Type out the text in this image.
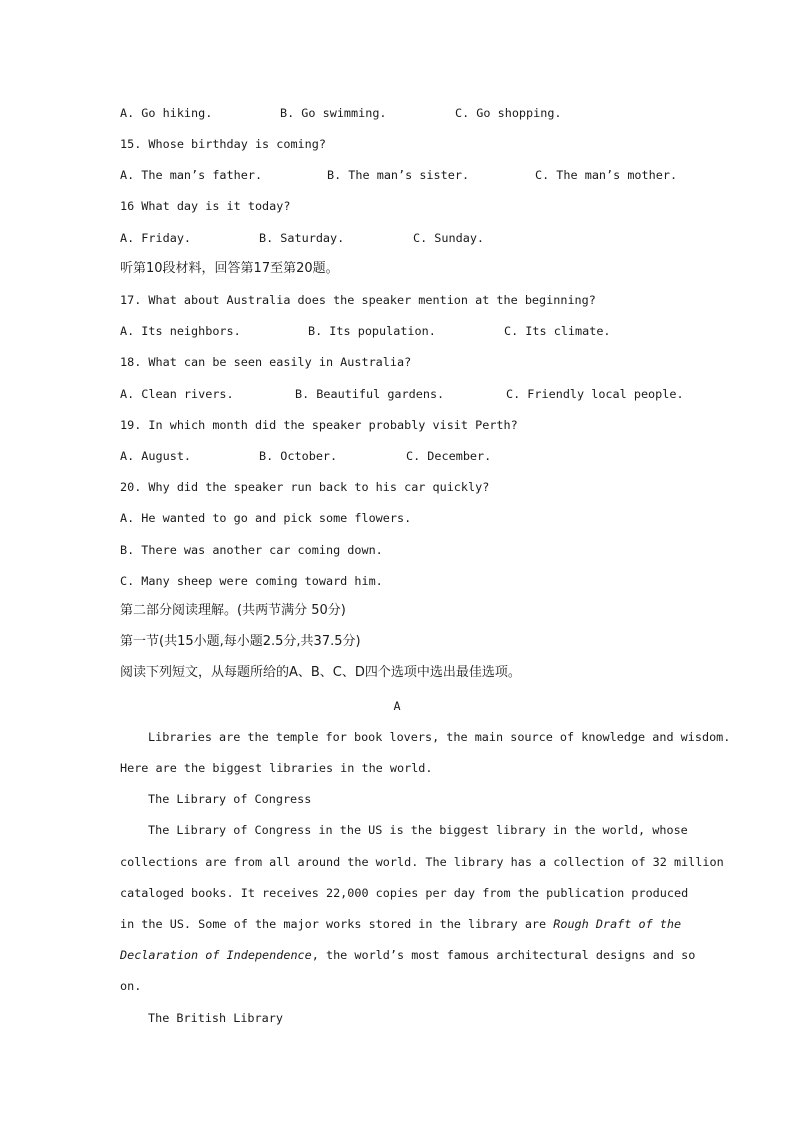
A. Go hiking.	B. Go swimming.	C. Go shopping.
15. Whose birthday is coming?
A. The man’s father.	B. The man’s sister.	C. The man’s mother.
16 What day is it today?
A. Friday.	B. Saturday.	C. Sunday.
听第10段材料，回答第17至第20题。
17. What about Australia does the speaker mention at the beginning?
A. Its neighbors.	B. Its population.	C. Its climate.
18. What can be seen easily in Australia?
A. Clean rivers.	B. Beautiful gardens.	C. Friendly local people.
19. In which month did the speaker probably visit Perth?
A. August.	B. October.	C. December.
20. Why did the speaker run back to his car quickly?
A. He wanted to go and pick some flowers.
B. There was another car coming down.
C. Many sheep were coming toward him.
第二部分阅读理解。(共两节满分 50分)
第一节(共15小题,每小题2.5分,共37.5分)
阅读下列短文，从每题所给的A、B、C、D四个选项中选出最佳选项。
A
Libraries are the temple for book lovers, the main source of knowledge and wisdom.
Here are the biggest libraries in the world.
The Library of Congress
The Library of Congress in the US is the biggest library in the world, whose
collections are from all around the world. The library has a collection of 32 million
cataloged books. It receives 22,000 copies per day from the publication produced
in the US. Some of the major works stored in the library are Rough Draft of the
Declaration of Independence, the world’s most famous architectural designs and so
on.
The British Library
